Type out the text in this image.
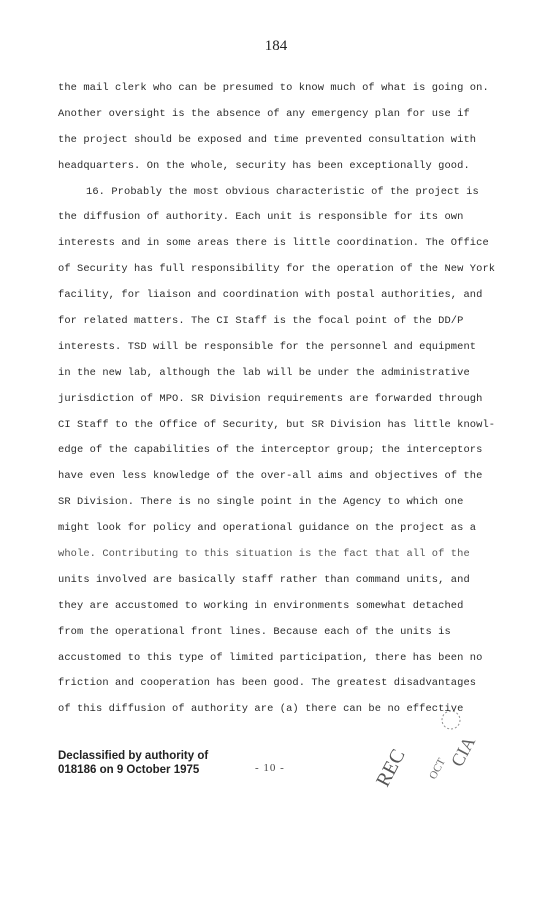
184
the mail clerk who can be presumed to know much of what is going on.
Another oversight is the absence of any emergency plan for use if
the project should be exposed and time prevented consultation with
headquarters. On the whole, security has been exceptionally good.
16. Probably the most obvious characteristic of the project is
the diffusion of authority. Each unit is responsible for its own
interests and in some areas there is little coordination. The Office
of Security has full responsibility for the operation of the New York
facility, for liaison and coordination with postal authorities, and
for related matters. The CI Staff is the focal point of the DD/P
interests. TSD will be responsible for the personnel and equipment
in the new lab, although the lab will be under the administrative
jurisdiction of MPO. SR Division requirements are forwarded through
CI Staff to the Office of Security, but SR Division has little knowl-
edge of the capabilities of the interceptor group; the interceptors
have even less knowledge of the over-all aims and objectives of the
SR Division. There is no single point in the Agency to which one
might look for policy and operational guidance on the project as a
whole. Contributing to this situation is the fact that all of the
units involved are basically staff rather than command units, and
they are accustomed to working in environments somewhat detached
from the operational front lines. Because each of the units is
accustomed to this type of limited participation, there has been no
friction and cooperation has been good. The greatest disadvantages
of this diffusion of authority are (a) there can be no effective
Declassified by authority of
018186 on 9 October 1975	- 10 -	REC OCT
CIA
